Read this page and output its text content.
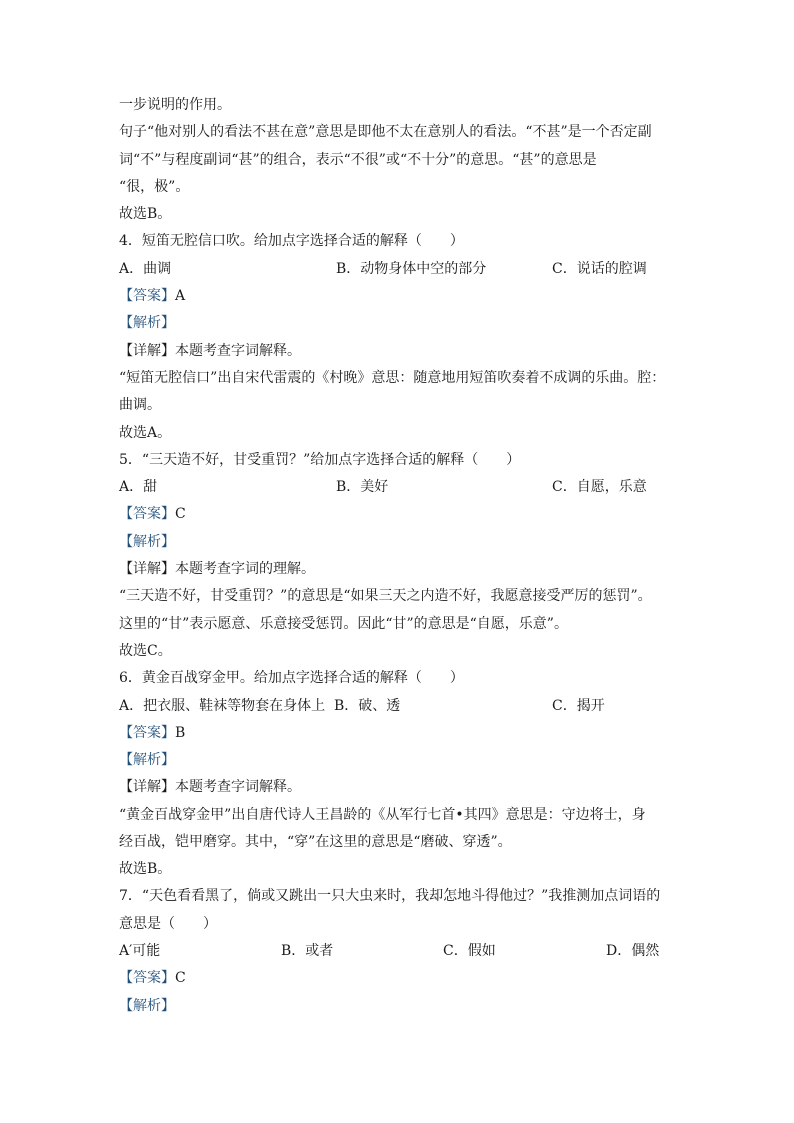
一步说明的作用。
句子“他对别人的看法不甚在意”意思是即他不太在意别人的看法。“不甚”是一个否定副
词“不”与程度副词“甚”的组合，表示“不很”或“不十分”的意思。“甚”的意思是
“很，极”。
故选B。
4．短笛无腔信口吹。给加点字选择合适的解释（　　）
A．曲调	B．动物身体中空的部分	C．说话的腔调
【答案】A
【解析】
【详解】本题考查字词解释。
“短笛无腔信口”出自宋代雷震的《村晚》意思：随意地用短笛吹奏着不成调的乐曲。腔：
曲调。
故选A。
5．“三天造不好，甘受重罚？”给加点字选择合适的解释（　　）
A．甜	B．美好	C．自愿，乐意
【答案】C
【解析】
【详解】本题考查字词的理解。
“三天造不好，甘受重罚？”的意思是“如果三天之内造不好，我愿意接受严厉的惩罚”。
这里的“甘”表示愿意、乐意接受惩罚。因此“甘”的意思是“自愿，乐意”。
故选C。
6．黄金百战穿金甲。给加点字选择合适的解释（　　）
A．把衣服、鞋袜等物套在身体上 B．破、透	C．揭开
【答案】B
【解析】
【详解】本题考查字词解释。
“黄金百战穿金甲”出自唐代诗人王昌龄的《从军行七首•其四》意思是：守边将士，身
经百战，铠甲磨穿。其中，“穿”在这里的意思是“磨破、穿透”。
故选B。
7．“天色看看黑了，倘或又跳出一只大虫来时，我却怎地斗得他过？”我推测加点词语的
意思是（　　）
A′可能	B．或者	C．假如	D．偶然
【答案】C
【解析】
